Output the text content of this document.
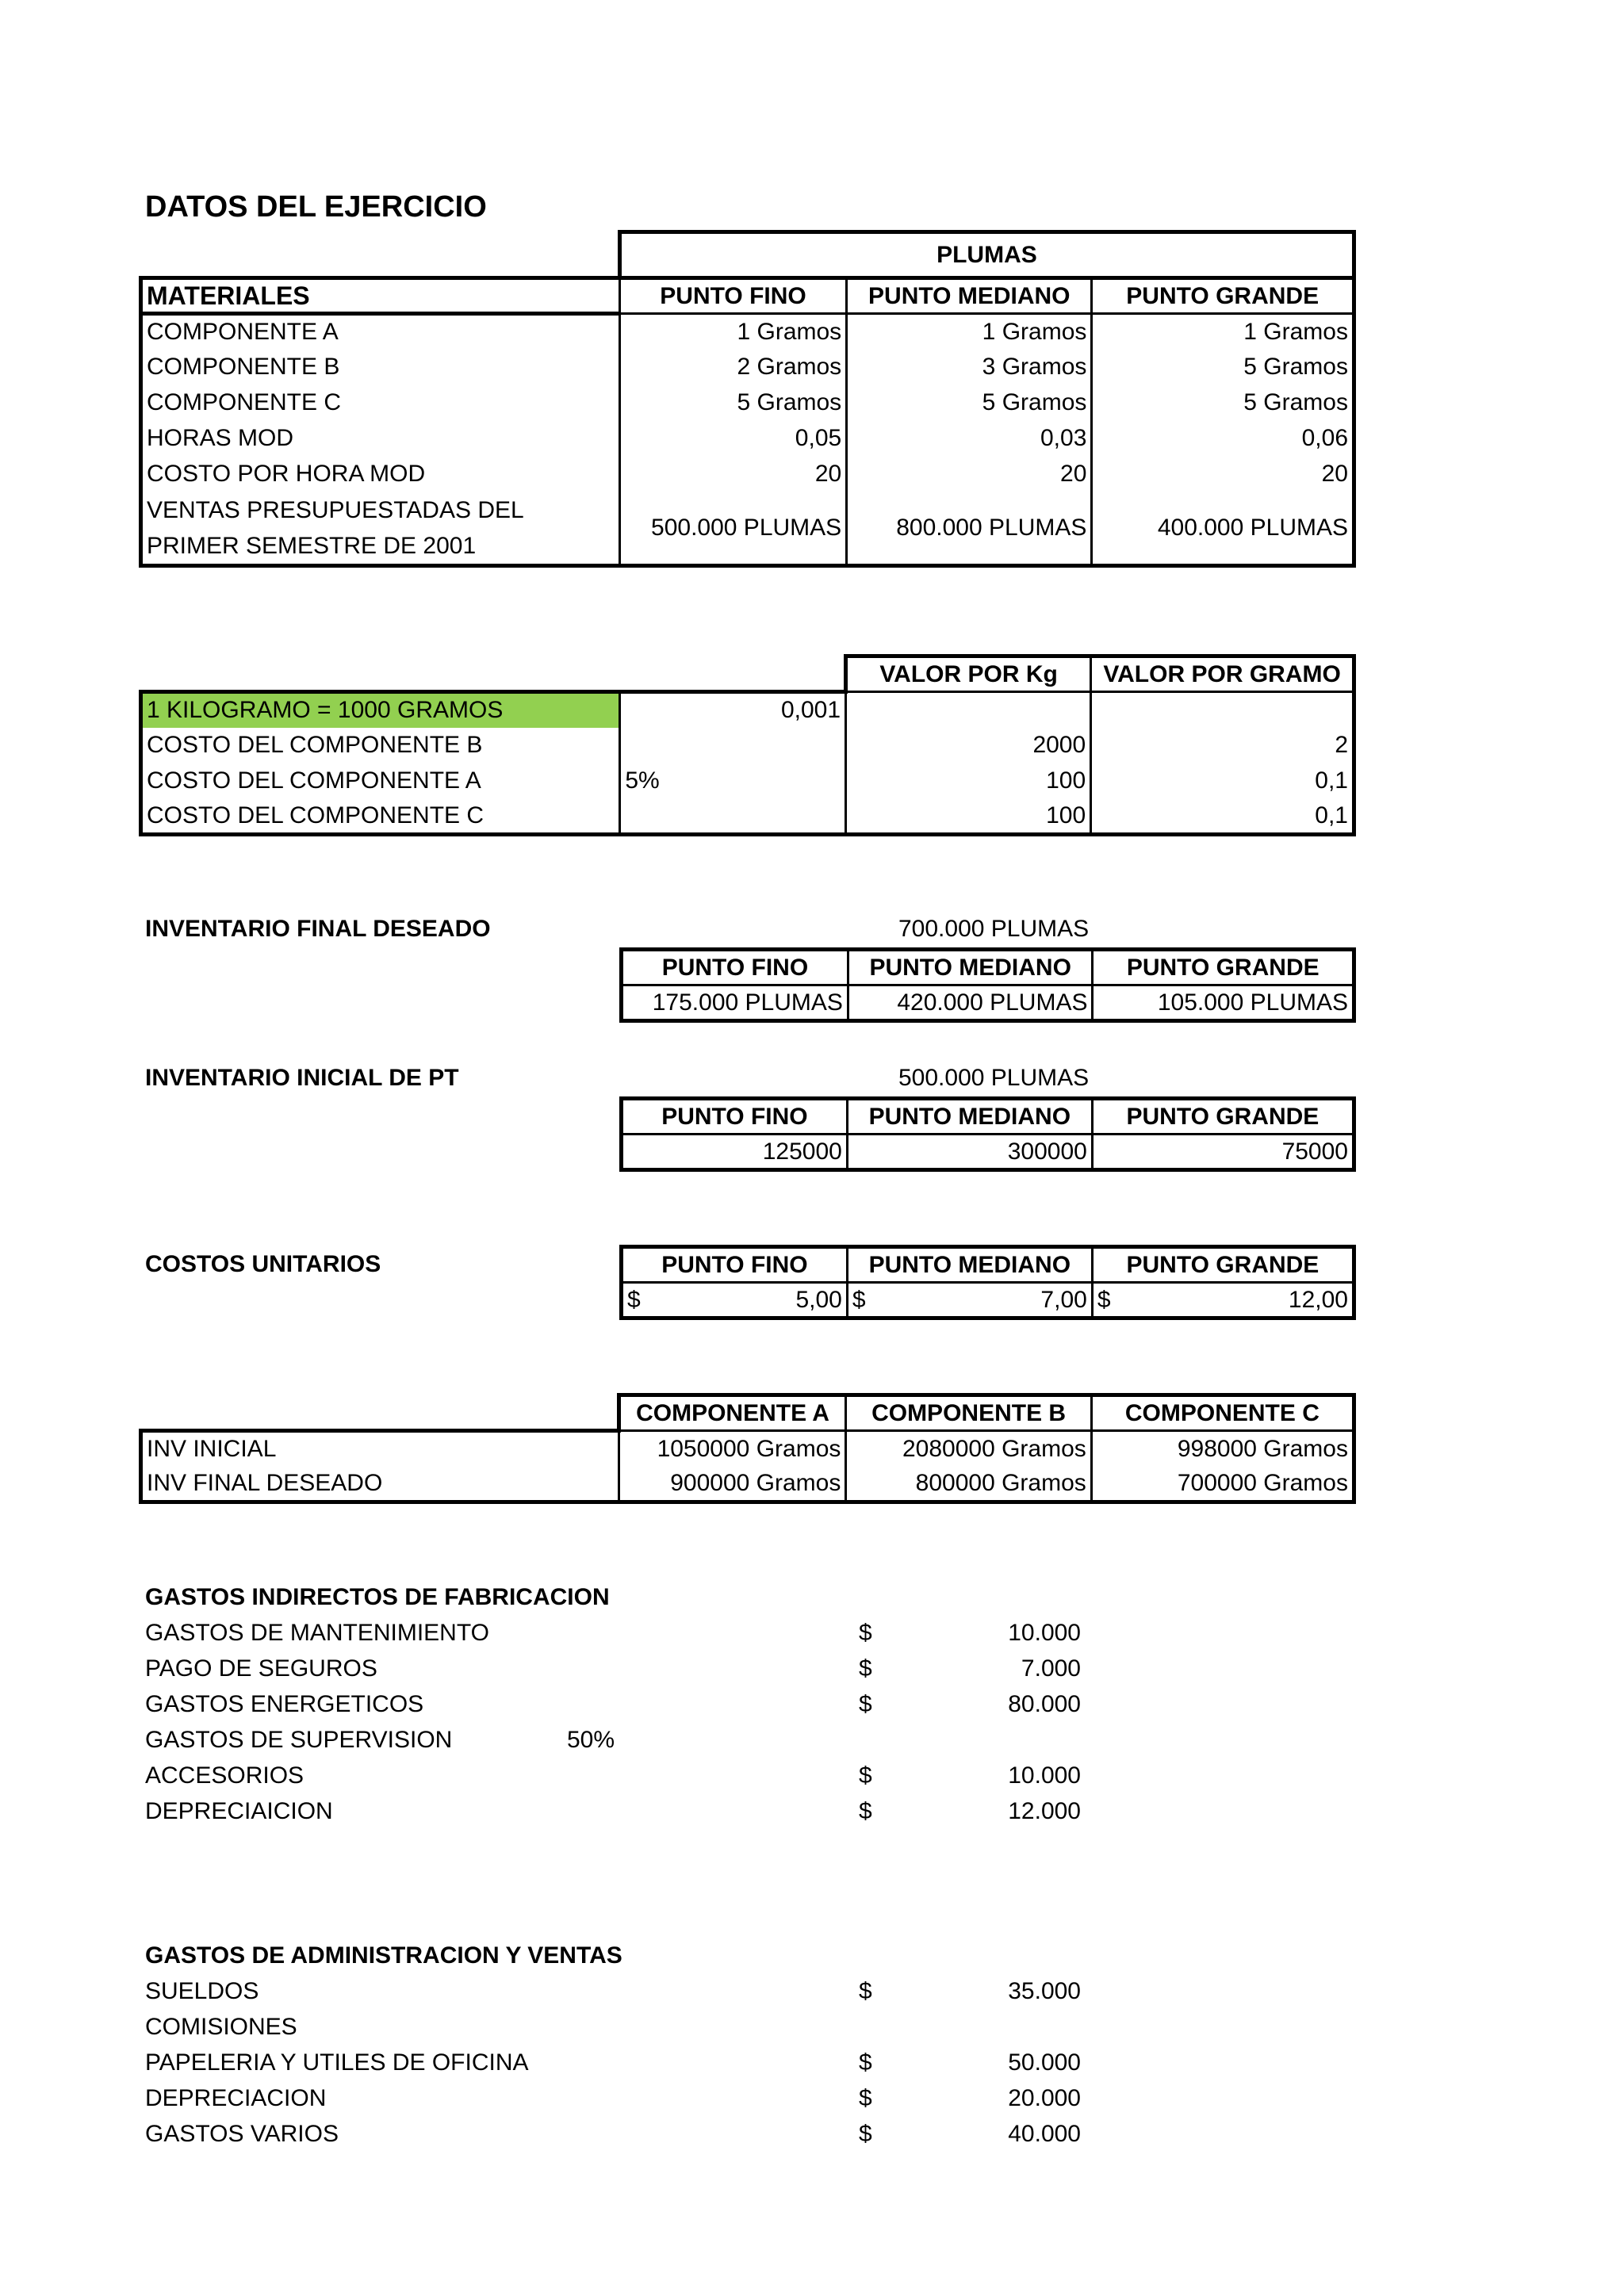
DATOS DEL EJERCICIO
	PLUMAS		
MATERIALES	PUNTO FINO	PUNTO MEDIANO	PUNTO GRANDE
COMPONENTE A	1 Gramos	1 Gramos	1 Gramos
COMPONENTE B	2 Gramos	3 Gramos	5 Gramos
COMPONENTE C	5 Gramos	5 Gramos	5 Gramos
HORAS MOD	0,05	0,03	0,06
COSTO POR HORA MOD	20	20	20

VENTAS PRESUPUESTADAS DEL
PRIMER SEMESTRE DE 2001	500.000 PLUMAS	800.000 PLUMAS	400.000 PLUMAS
		VALOR POR Kg	VALOR POR GRAMO
1 KILOGRAMO = 1000 GRAMOS	0,001		
COSTO DEL COMPONENTE B		2000	2
COSTO DEL COMPONENTE A	5%	100	0,1
COSTO DEL COMPONENTE C		100	0,1
INVENTARIO FINAL DESEADO	700.000 PLUMAS
PUNTO FINO	PUNTO MEDIANO	PUNTO GRANDE
175.000 PLUMAS	420.000 PLUMAS	105.000 PLUMAS
INVENTARIO INICIAL DE PT	500.000 PLUMAS
PUNTO FINO	PUNTO MEDIANO	PUNTO GRANDE
125000	300000	75000
COSTOS UNITARIOS	PUNTO FINO	PUNTO MEDIANO	PUNTO GRANDE

$ 5,00	$ 7,00	$ 12,00
	COMPONENTE A	COMPONENTE B	COMPONENTE C
INV INICIAL	1050000 Gramos	2080000 Gramos	998000 Gramos
INV FINAL DESEADO	900000 Gramos	800000 Gramos	700000 Gramos
GASTOS INDIRECTOS DE FABRICACION
GASTOS DE MANTENIMIENTO	$	10.000
PAGO DE SEGUROS	$	7.000
GASTOS ENERGETICOS	$	80.000
GASTOS DE SUPERVISION	50%
ACCESORIOS	$	10.000
DEPRECIAICION	$	12.000
GASTOS DE ADMINISTRACION Y VENTAS
SUELDOS	$	35.000
COMISIONES
PAPELERIA Y UTILES DE OFICINA	$	50.000
DEPRECIACION	$	20.000
GASTOS VARIOS	$	40.000
